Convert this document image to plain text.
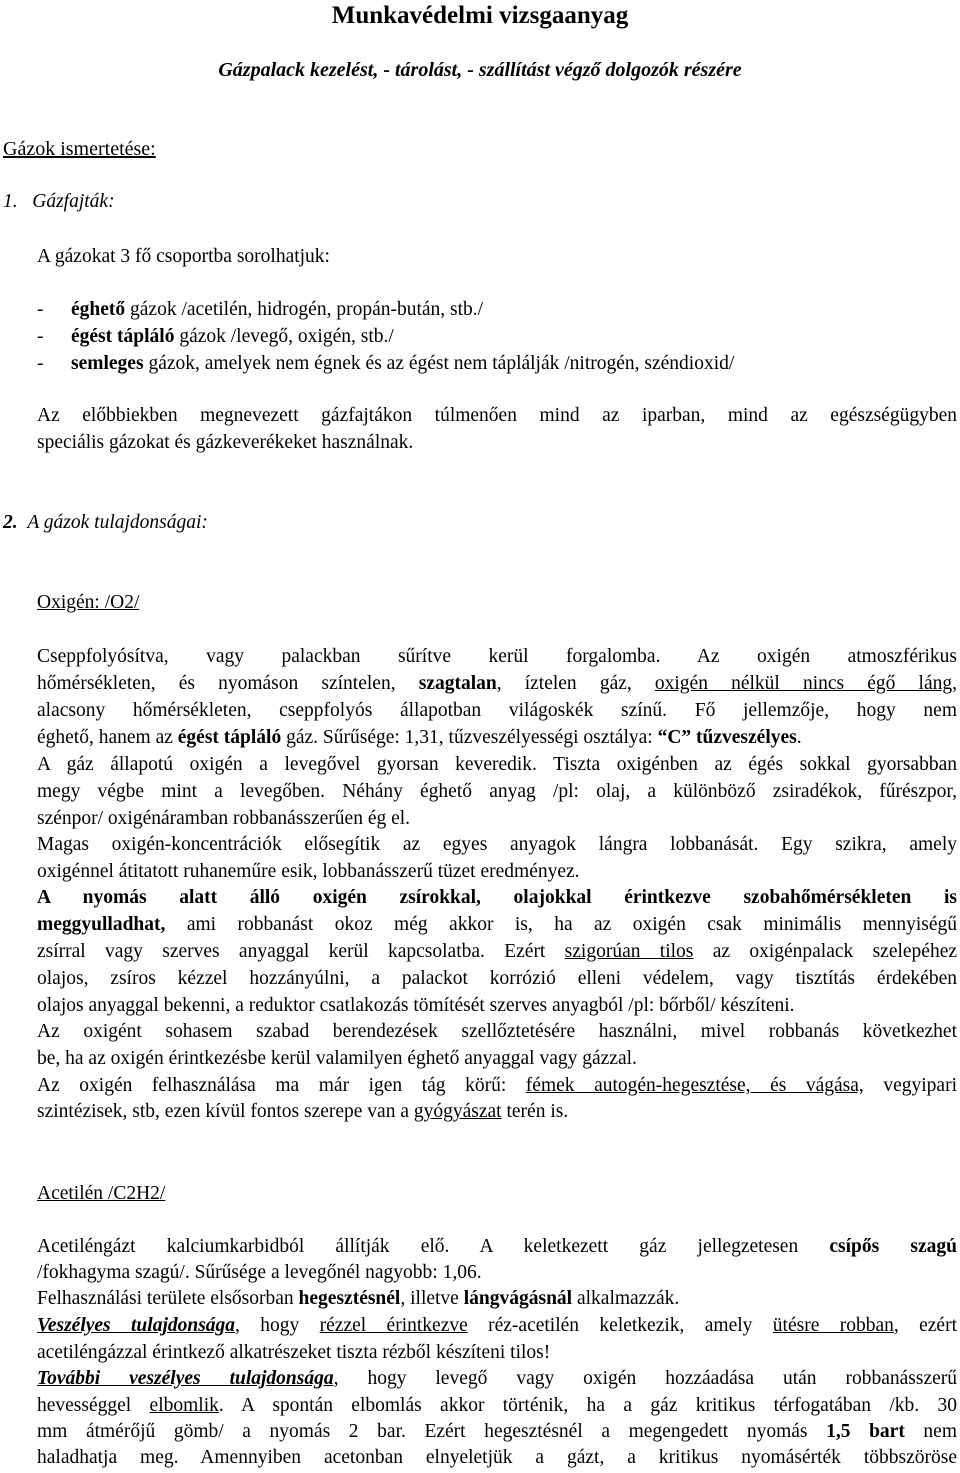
Munkavédelmi vizsgaanyag
Gázpalack kezelést, - tárolást, - szállítást végző dolgozók részére
Gázok ismertetése:
1. Gázfajták:
A gázokat 3 fő csoportba sorolhatjuk:
- éghető gázok /acetilén, hidrogén, propán-bután, stb./
- égést tápláló gázok /levegő, oxigén, stb./
- semleges gázok, amelyek nem égnek és az égést nem táplálják /nitrogén, széndioxid/
Az előbbiekben megnevezett gázfajtákon túlmenően mind az iparban, mind az egészségügyben
speciális gázokat és gázkeverékeket használnak.
2. A gázok tulajdonságai:
Oxigén: /O2/
Cseppfolyósítva, vagy palackban sűrítve kerül forgalomba. Az oxigén atmoszférikus
hőmérsékleten, és nyomáson színtelen, szagtalan, íztelen gáz, oxigén nélkül nincs égő láng,
alacsony hőmérsékleten, cseppfolyós állapotban világoskék színű. Fő jellemzője, hogy nem
éghető, hanem az égést tápláló gáz. Sűrűsége: 1,31, tűzveszélyességi osztálya: “C” tűzveszélyes.
A gáz állapotú oxigén a levegővel gyorsan keveredik. Tiszta oxigénben az égés sokkal gyorsabban
megy végbe mint a levegőben. Néhány éghető anyag /pl: olaj, a különböző zsiradékok, fűrészpor,
szénpor/ oxigénáramban robbanásszerűen ég el.
Magas oxigén-koncentrációk elősegítik az egyes anyagok lángra lobbanását. Egy szikra, amely
oxigénnel átitatott ruhaneműre esik, lobbanásszerű tüzet eredményez.
A nyomás alatt álló oxigén zsírokkal, olajokkal érintkezve szobahőmérsékleten is
meggyulladhat, ami robbanást okoz még akkor is, ha az oxigén csak minimális mennyiségű
zsírral vagy szerves anyaggal kerül kapcsolatba. Ezért szigorúan tilos az oxigénpalack szelepéhez
olajos, zsíros kézzel hozzányúlni, a palackot korrózió elleni védelem, vagy tisztítás érdekében
olajos anyaggal bekenni, a reduktor csatlakozás tömítését szerves anyagból /pl: bőrből/ készíteni.
Az oxigént sohasem szabad berendezések szellőztetésére használni, mivel robbanás következhet
be, ha az oxigén érintkezésbe kerül valamilyen éghető anyaggal vagy gázzal.
Az oxigén felhasználása ma már igen tág körű: fémek autogén-hegesztése, és vágása, vegyipari
szintézisek, stb, ezen kívül fontos szerepe van a gyógyászat terén is.
Acetilén /C2H2/
Acetiléngázt kalciumkarbidból állítják elő. A keletkezett gáz jellegzetesen csípős szagú
/fokhagyma szagú/. Sűrűsége a levegőnél nagyobb: 1,06.
Felhasználási területe elsősorban hegesztésnél, illetve lángvágásnál alkalmazzák.
Veszélyes tulajdonsága, hogy rézzel érintkezve réz-acetilén keletkezik, amely ütésre robban, ezért
acetiléngázzal érintkező alkatrészeket tiszta rézből készíteni tilos!
További veszélyes tulajdonsága, hogy levegő vagy oxigén hozzáadása után robbanásszerű
hevességgel elbomlik. A spontán elbomlás akkor történik, ha a gáz kritikus térfogatában /kb. 30
mm átmérőjű gömb/ a nyomás 2 bar. Ezért hegesztésnél a megengedett nyomás 1,5 bart nem
haladhatja meg. Amennyiben acetonban elnyeletjük a gázt, a kritikus nyomásérték többszöröse
